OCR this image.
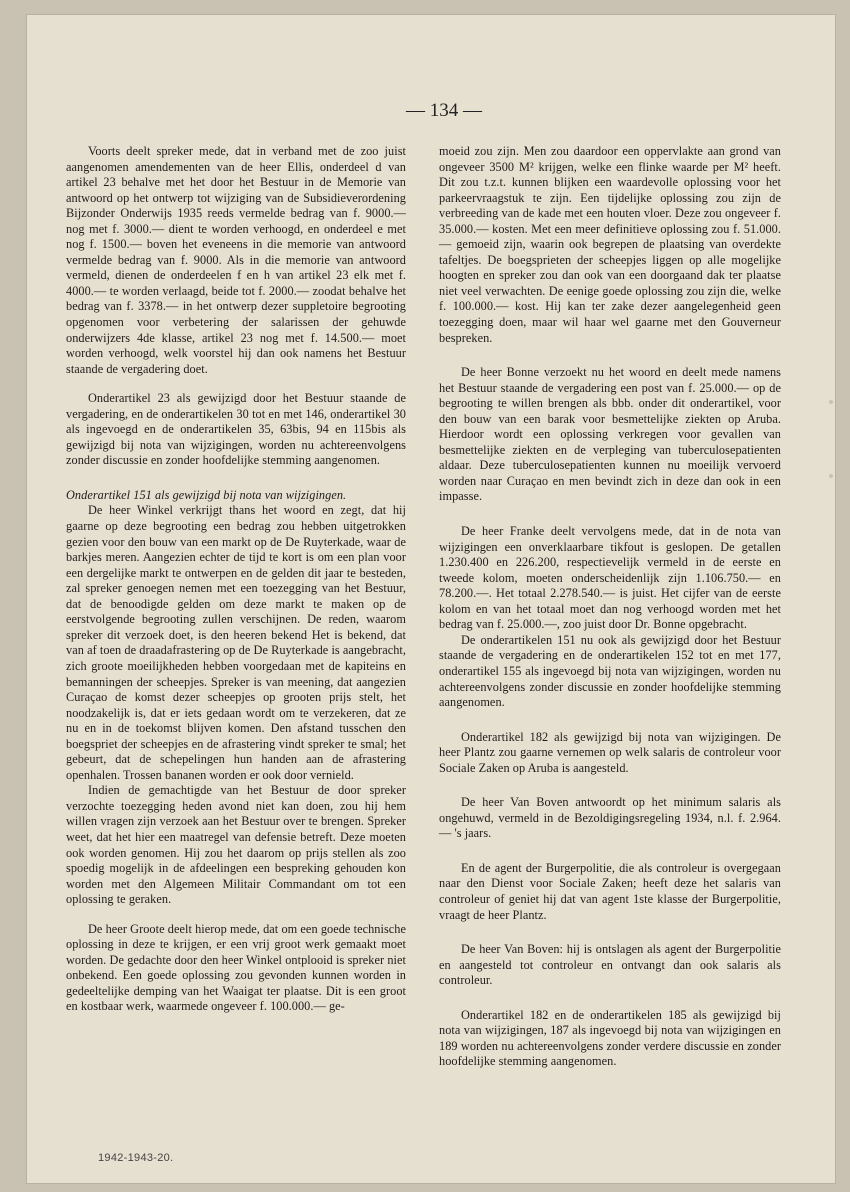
— 134 —

Voorts deelt spreker mede, dat in verband met de zoo juist aangenomen amendementen van de heer Ellis, onderdeel d van artikel 23 behalve met het door het Bestuur in de Memorie van antwoord op het ontwerp tot wijziging van de Subsidieverordening Bijzonder Onderwijs 1935 reeds vermelde bedrag van f. 9000.— nog met f. 3000.— dient te worden verhoogd, en onderdeel e met nog f. 1500.— boven het eveneens in die memorie van antwoord vermelde bedrag van f. 9000. Als in die memorie van antwoord vermeld, dienen de onderdeelen f en h van artikel 23 elk met f. 4000.— te worden verlaagd, beide tot f. 2000.— zoodat behalve het bedrag van f. 3378.— in het ontwerp dezer suppletoire begrooting opgenomen voor verbetering der salarissen der gehuwde onderwijzers 4de klasse, artikel 23 nog met f. 14.500.— moet worden verhoogd, welk voorstel hij dan ook namens het Bestuur staande de vergadering doet.

Onderartikel 23 als gewijzigd door het Bestuur staande de vergadering, en de onderartikelen 30 tot en met 146, onderartikel 30 als ingevoegd en de onderartikelen 35, 63bis, 94 en 115bis als gewijzigd bij nota van wijzigingen, worden nu achtereenvolgens zonder discussie en zonder hoofdelijke stemming aangenomen.

Onderartikel 151 als gewijzigd bij nota van wijzigingen.

De heer Winkel verkrijgt thans het woord en zegt, dat hij gaarne op deze begrooting een bedrag zou hebben uitgetrokken gezien voor den bouw van een markt op de De Ruyterkade, waar de barkjes meren. Aangezien echter de tijd te kort is om een plan voor een dergelijke markt te ontwerpen en de gelden dit jaar te besteden, zal spreker genoegen nemen met een toezegging van het Bestuur, dat de benoodigde gelden om deze markt te maken op de eerstvolgende begrooting zullen verschijnen. De reden, waarom spreker dit verzoek doet, is den heeren bekend Het is bekend, dat van af toen de draadafrastering op de De Ruyterkade is aangebracht, zich groote moeilijkheden hebben voorgedaan met de kapiteins en bemanningen der scheepjes. Spreker is van meening, dat aangezien Curaçao de komst dezer scheepjes op grooten prijs stelt, het noodzakelijk is, dat er iets gedaan wordt om te verzekeren, dat ze nu en in de toekomst blijven komen. Den afstand tusschen den boegspriet der scheepjes en de afrastering vindt spreker te smal; het gebeurt, dat de schepelingen hun handen aan de afrastering openhalen. Trossen bananen worden er ook door vernield.

Indien de gemachtigde van het Bestuur de door spreker verzochte toezegging heden avond niet kan doen, zou hij hem willen vragen zijn verzoek aan het Bestuur over te brengen. Spreker weet, dat het hier een maatregel van defensie betreft. Deze moeten ook worden genomen. Hij zou het daarom op prijs stellen als zoo spoedig mogelijk in de afdeelingen een bespreking gehouden kon worden met den Algemeen Militair Commandant om tot een oplossing te geraken.

De heer Groote deelt hierop mede, dat om een goede technische oplossing in deze te krijgen, er een vrij groot werk gemaakt moet worden. De gedachte door den heer Winkel ontplooid is spreker niet onbekend. Een goede oplossing zou gevonden kunnen worden in gedeeltelijke demping van het Waaigat ter plaatse. Dit is een groot en kostbaar werk, waarmede ongeveer f. 100.000.— ge-

moeid zou zijn. Men zou daardoor een oppervlakte aan grond van ongeveer 3500 M² krijgen, welke een flinke waarde per M² heeft. Dit zou t.z.t. kunnen blijken een waardevolle oplossing voor het parkeervraagstuk te zijn. Een tijdelijke oplossing zou zijn de verbreeding van de kade met een houten vloer. Deze zou ongeveer f. 35.000.— kosten. Met een meer definitieve oplossing zou f. 51.000.— gemoeid zijn, waarin ook begrepen de plaatsing van overdekte tafeltjes. De boegsprieten der scheepjes liggen op alle mogelijke hoogten en spreker zou dan ook van een doorgaand dak ter plaatse niet veel verwachten. De eenige goede oplossing zou zijn die, welke f. 100.000.— kost. Hij kan ter zake dezer aangelegenheid geen toezegging doen, maar wil haar wel gaarne met den Gouverneur bespreken.

De heer Bonne verzoekt nu het woord en deelt mede namens het Bestuur staande de vergadering een post van f. 25.000.— op de begrooting te willen brengen als bbb. onder dit onderartikel, voor den bouw van een barak voor besmettelijke ziekten op Aruba. Hierdoor wordt een oplossing verkregen voor gevallen van besmettelijke ziekten en de verpleging van tuberculosepatienten aldaar. Deze tuberculosepatienten kunnen nu moeilijk vervoerd worden naar Curaçao en men bevindt zich in deze dan ook in een impasse.

De heer Franke deelt vervolgens mede, dat in de nota van wijzigingen een onverklaarbare tikfout is geslopen. De getallen 1.230.400 en 226.200, respectievelijk vermeld in de eerste en tweede kolom, moeten onderscheidenlijk zijn 1.106.750.— en 78.200.—. Het totaal 2.278.540.— is juist. Het cijfer van de eerste kolom en van het totaal moet dan nog verhoogd worden met het bedrag van f. 25.000.—, zoo juist door Dr. Bonne opgebracht.

De onderartikelen 151 nu ook als gewijzigd door het Bestuur staande de vergadering en de onderartikelen 152 tot en met 177, onderartikel 155 als ingevoegd bij nota van wijzigingen, worden nu achtereenvolgens zonder discussie en zonder hoofdelijke stemming aangenomen.

Onderartikel 182 als gewijzigd bij nota van wijzigingen. De heer Plantz zou gaarne vernemen op welk salaris de controleur voor Sociale Zaken op Aruba is aangesteld.

De heer Van Boven antwoordt op het minimum salaris als ongehuwd, vermeld in de Bezoldigingsregeling 1934, n.l. f. 2.964.— 's jaars.

En de agent der Burgerpolitie, die als controleur is overgegaan naar den Dienst voor Sociale Zaken; heeft deze het salaris van controleur of geniet hij dat van agent 1ste klasse der Burgerpolitie, vraagt de heer Plantz.

De heer Van Boven: hij is ontslagen als agent der Burgerpolitie en aangesteld tot controleur en ontvangt dan ook salaris als controleur.

Onderartikel 182 en de onderartikelen 185 als gewijzigd bij nota van wijzigingen, 187 als ingevoegd bij nota van wijzigingen en 189 worden nu achtereenvolgens zonder verdere discussie en zonder hoofdelijke stemming aangenomen.

1942-1943-20.
